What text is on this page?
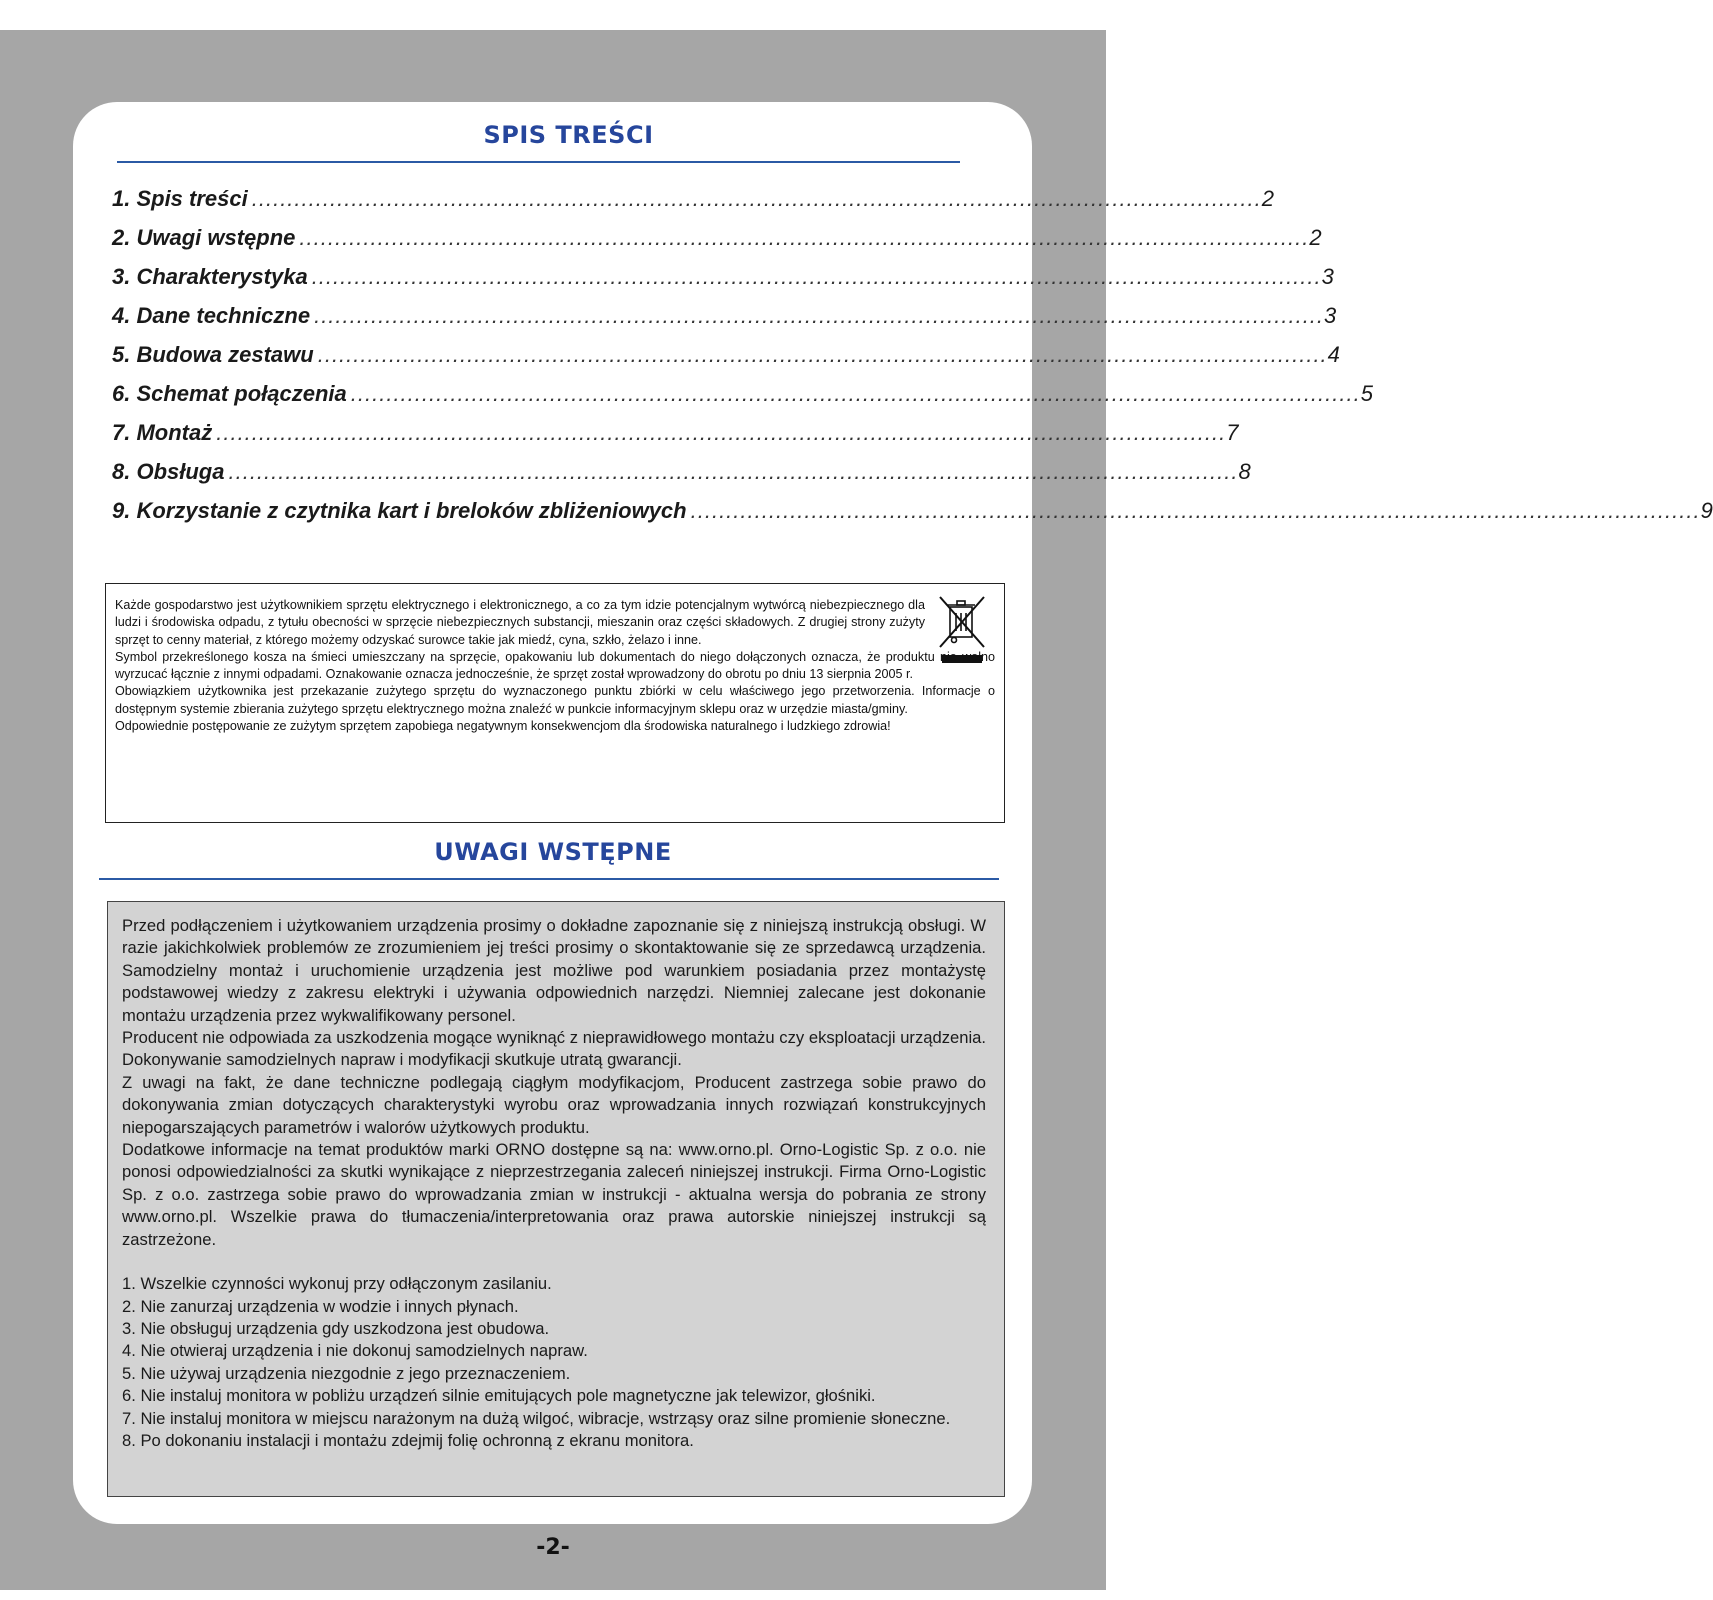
SPIS TREŚCI
1. Spis treści .............................................................................................................................................. 2
2. Uwagi wstępne .............................................................................................................................................. 2
3. Charakterystyka .............................................................................................................................................. 3
4. Dane techniczne .............................................................................................................................................. 3
5. Budowa zestawu .............................................................................................................................................. 4
6. Schemat połączenia .............................................................................................................................................. 5
7. Montaż .............................................................................................................................................. 7
8. Obsługa .............................................................................................................................................. 8
9. Korzystanie z czytnika kart i breloków zbliżeniowych .............................................................................................................................................. 9

Każde gospodarstwo jest użytkownikiem sprzętu elektrycznego i elektronicznego, a co za tym idzie potencjalnym wytwórcą niebezpiecznego dla ludzi i środowiska odpadu, z tytułu obecności w sprzęcie niebezpiecznych substancji, mieszanin oraz części składowych. Z drugiej strony zużyty sprzęt to cenny materiał, z którego możemy odzyskać surowce takie jak miedź, cyna, szkło, żelazo i inne.

Symbol przekreślonego kosza na śmieci umieszczany na sprzęcie, opakowaniu lub dokumentach do niego dołączonych oznacza, że produktu nie wolno wyrzucać łącznie z innymi odpadami. Oznakowanie oznacza jednocześnie, że sprzęt został wprowadzony do obrotu po dniu 13 sierpnia 2005 r.

Obowiązkiem użytkownika jest przekazanie zużytego sprzętu do wyznaczonego punktu zbiórki w celu właściwego jego przetworzenia. Informacje o dostępnym systemie zbierania zużytego sprzętu elektrycznego można znaleźć w punkcie informacyjnym sklepu oraz w urzędzie miasta/gminy.

Odpowiednie postępowanie ze zużytym sprzętem zapobiega negatywnym konsekwencjom dla środowiska naturalnego i ludzkiego zdrowia!

UWAGI WSTĘPNE

Przed podłączeniem i użytkowaniem urządzenia prosimy o dokładne zapoznanie się z niniejszą instrukcją obsługi. W razie jakichkolwiek problemów ze zrozumieniem jej treści prosimy o skontaktowanie się ze sprzedawcą urządzenia. Samodzielny montaż i uruchomienie urządzenia jest możliwe pod warunkiem posiadania przez montażystę podstawowej wiedzy z zakresu elektryki i używania odpowiednich narzędzi. Niemniej zalecane jest dokonanie montażu urządzenia przez wykwalifikowany personel.

Producent nie odpowiada za uszkodzenia mogące wyniknąć z nieprawidłowego montażu czy eksploatacji urządzenia. Dokonywanie samodzielnych napraw i modyfikacji skutkuje utratą gwarancji.

Z uwagi na fakt, że dane techniczne podlegają ciągłym modyfikacjom, Producent zastrzega sobie prawo do dokonywania zmian dotyczących charakterystyki wyrobu oraz wprowadzania innych rozwiązań konstrukcyjnych niepogarszających parametrów i walorów użytkowych produktu.

Dodatkowe informacje na temat produktów marki ORNO dostępne są na: www.orno.pl. Orno-Logistic Sp. z o.o. nie ponosi odpowiedzialności za skutki wynikające z nieprzestrzegania zaleceń niniejszej instrukcji. Firma Orno-Logistic Sp. z o.o. zastrzega sobie prawo do wprowadzania zmian w instrukcji - aktualna wersja do pobrania ze strony www.orno.pl. Wszelkie prawa do tłumaczenia/interpretowania oraz prawa autorskie niniejszej instrukcji są zastrzeżone.

1. Wszelkie czynności wykonuj przy odłączonym zasilaniu.
2. Nie zanurzaj urządzenia w wodzie i innych płynach.
3. Nie obsługuj urządzenia gdy uszkodzona jest obudowa.
4. Nie otwieraj urządzenia i nie dokonuj samodzielnych napraw.
5. Nie używaj urządzenia niezgodnie z jego przeznaczeniem.
6. Nie instaluj monitora w pobliżu urządzeń silnie emitujących pole magnetyczne jak telewizor, głośniki.
7. Nie instaluj monitora w miejscu narażonym na dużą wilgoć, wibracje, wstrząsy oraz silne promienie słoneczne.
8. Po dokonaniu instalacji i montażu zdejmij folię ochronną z ekranu monitora.
-2-
